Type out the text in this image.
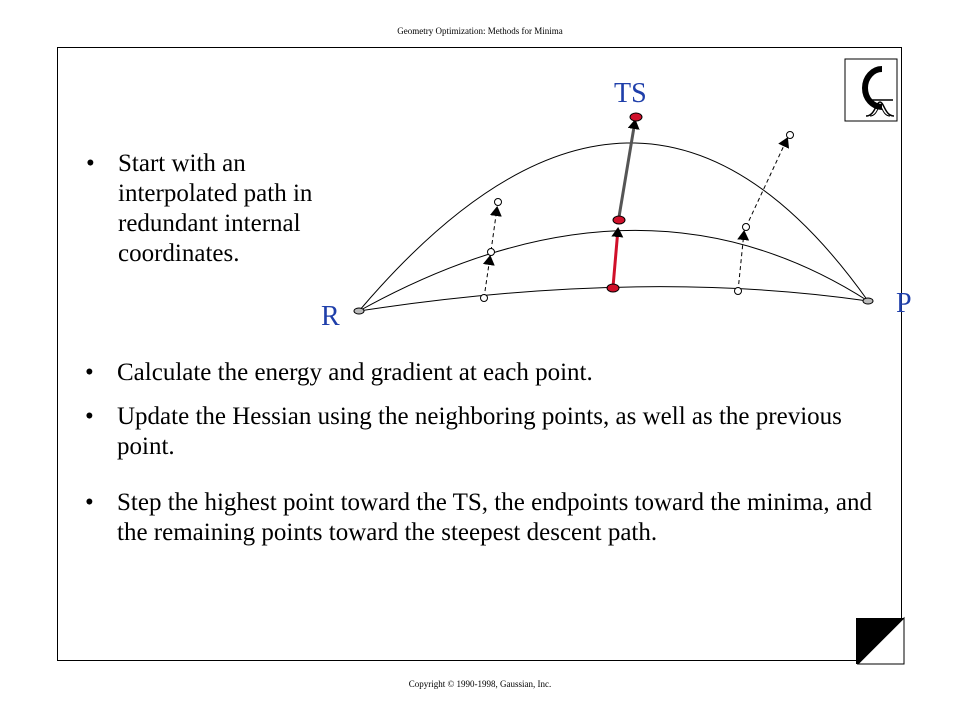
Geometry Optimization: Methods for Minima
TS
R	P
• Start with an interpolated path in redundant internal coordinates.
• Calculate the energy and gradient at each point.
• Update the Hessian using the neighboring points, as well as the previous point.
• Step the highest point toward the TS, the endpoints toward the minima, and the remaining points toward the steepest descent path.
Copyright © 1990-1998, Gaussian, Inc.
